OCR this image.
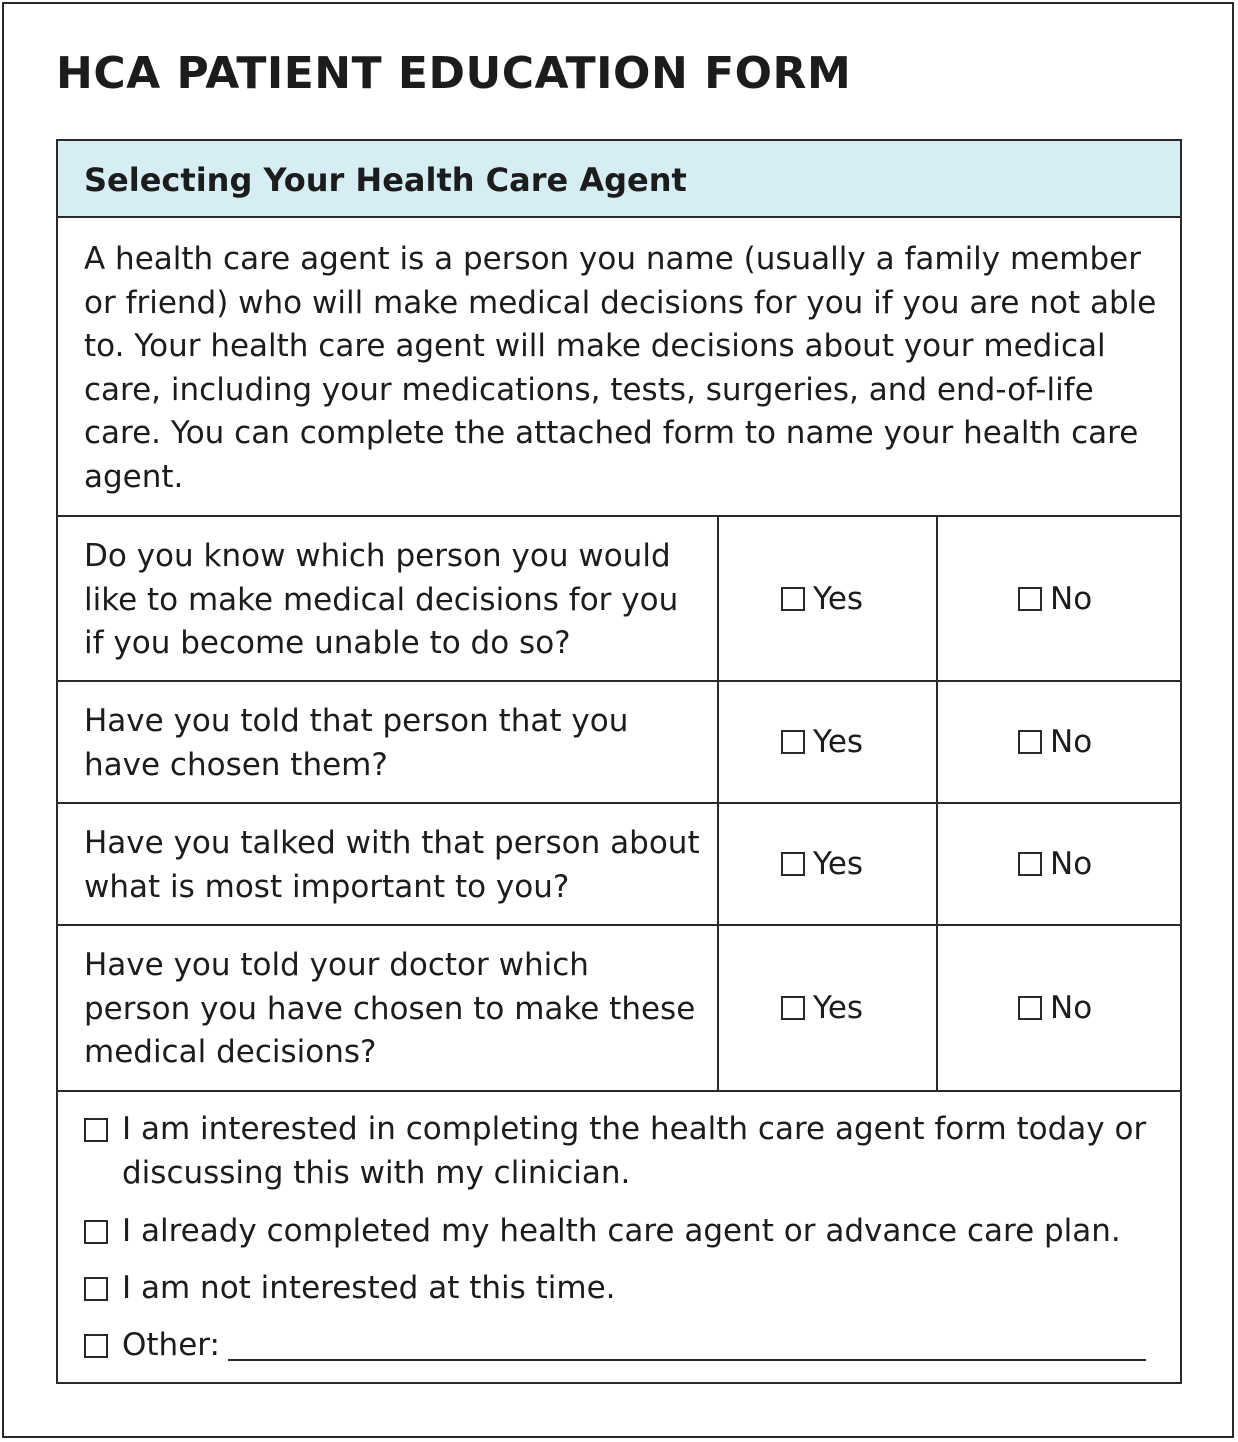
HCA PATIENT EDUCATION FORM
Selecting Your Health Care Agent

A health care agent is a person you name (usually a family member or friend) who will make medical decisions for you if you are not able to. Your health care agent will make decisions about your medical care, including your medications, tests, surgeries, and end-of-life care. You can complete the attached form to name your health care agent.

Do you know which person you would like to make medical decisions for you if you become unable to do so?
Yes	No
Have you told that person that you have chosen them?
Yes	No
Have you talked with that person about what is most important to you?
Yes	No
Have you told your doctor which person you have chosen to make these medical decisions?
Yes	No
I am interested in completing the health care agent form today or discussing this with my clinician.
I already completed my health care agent or advance care plan.
I am not interested at this time.
Other:
